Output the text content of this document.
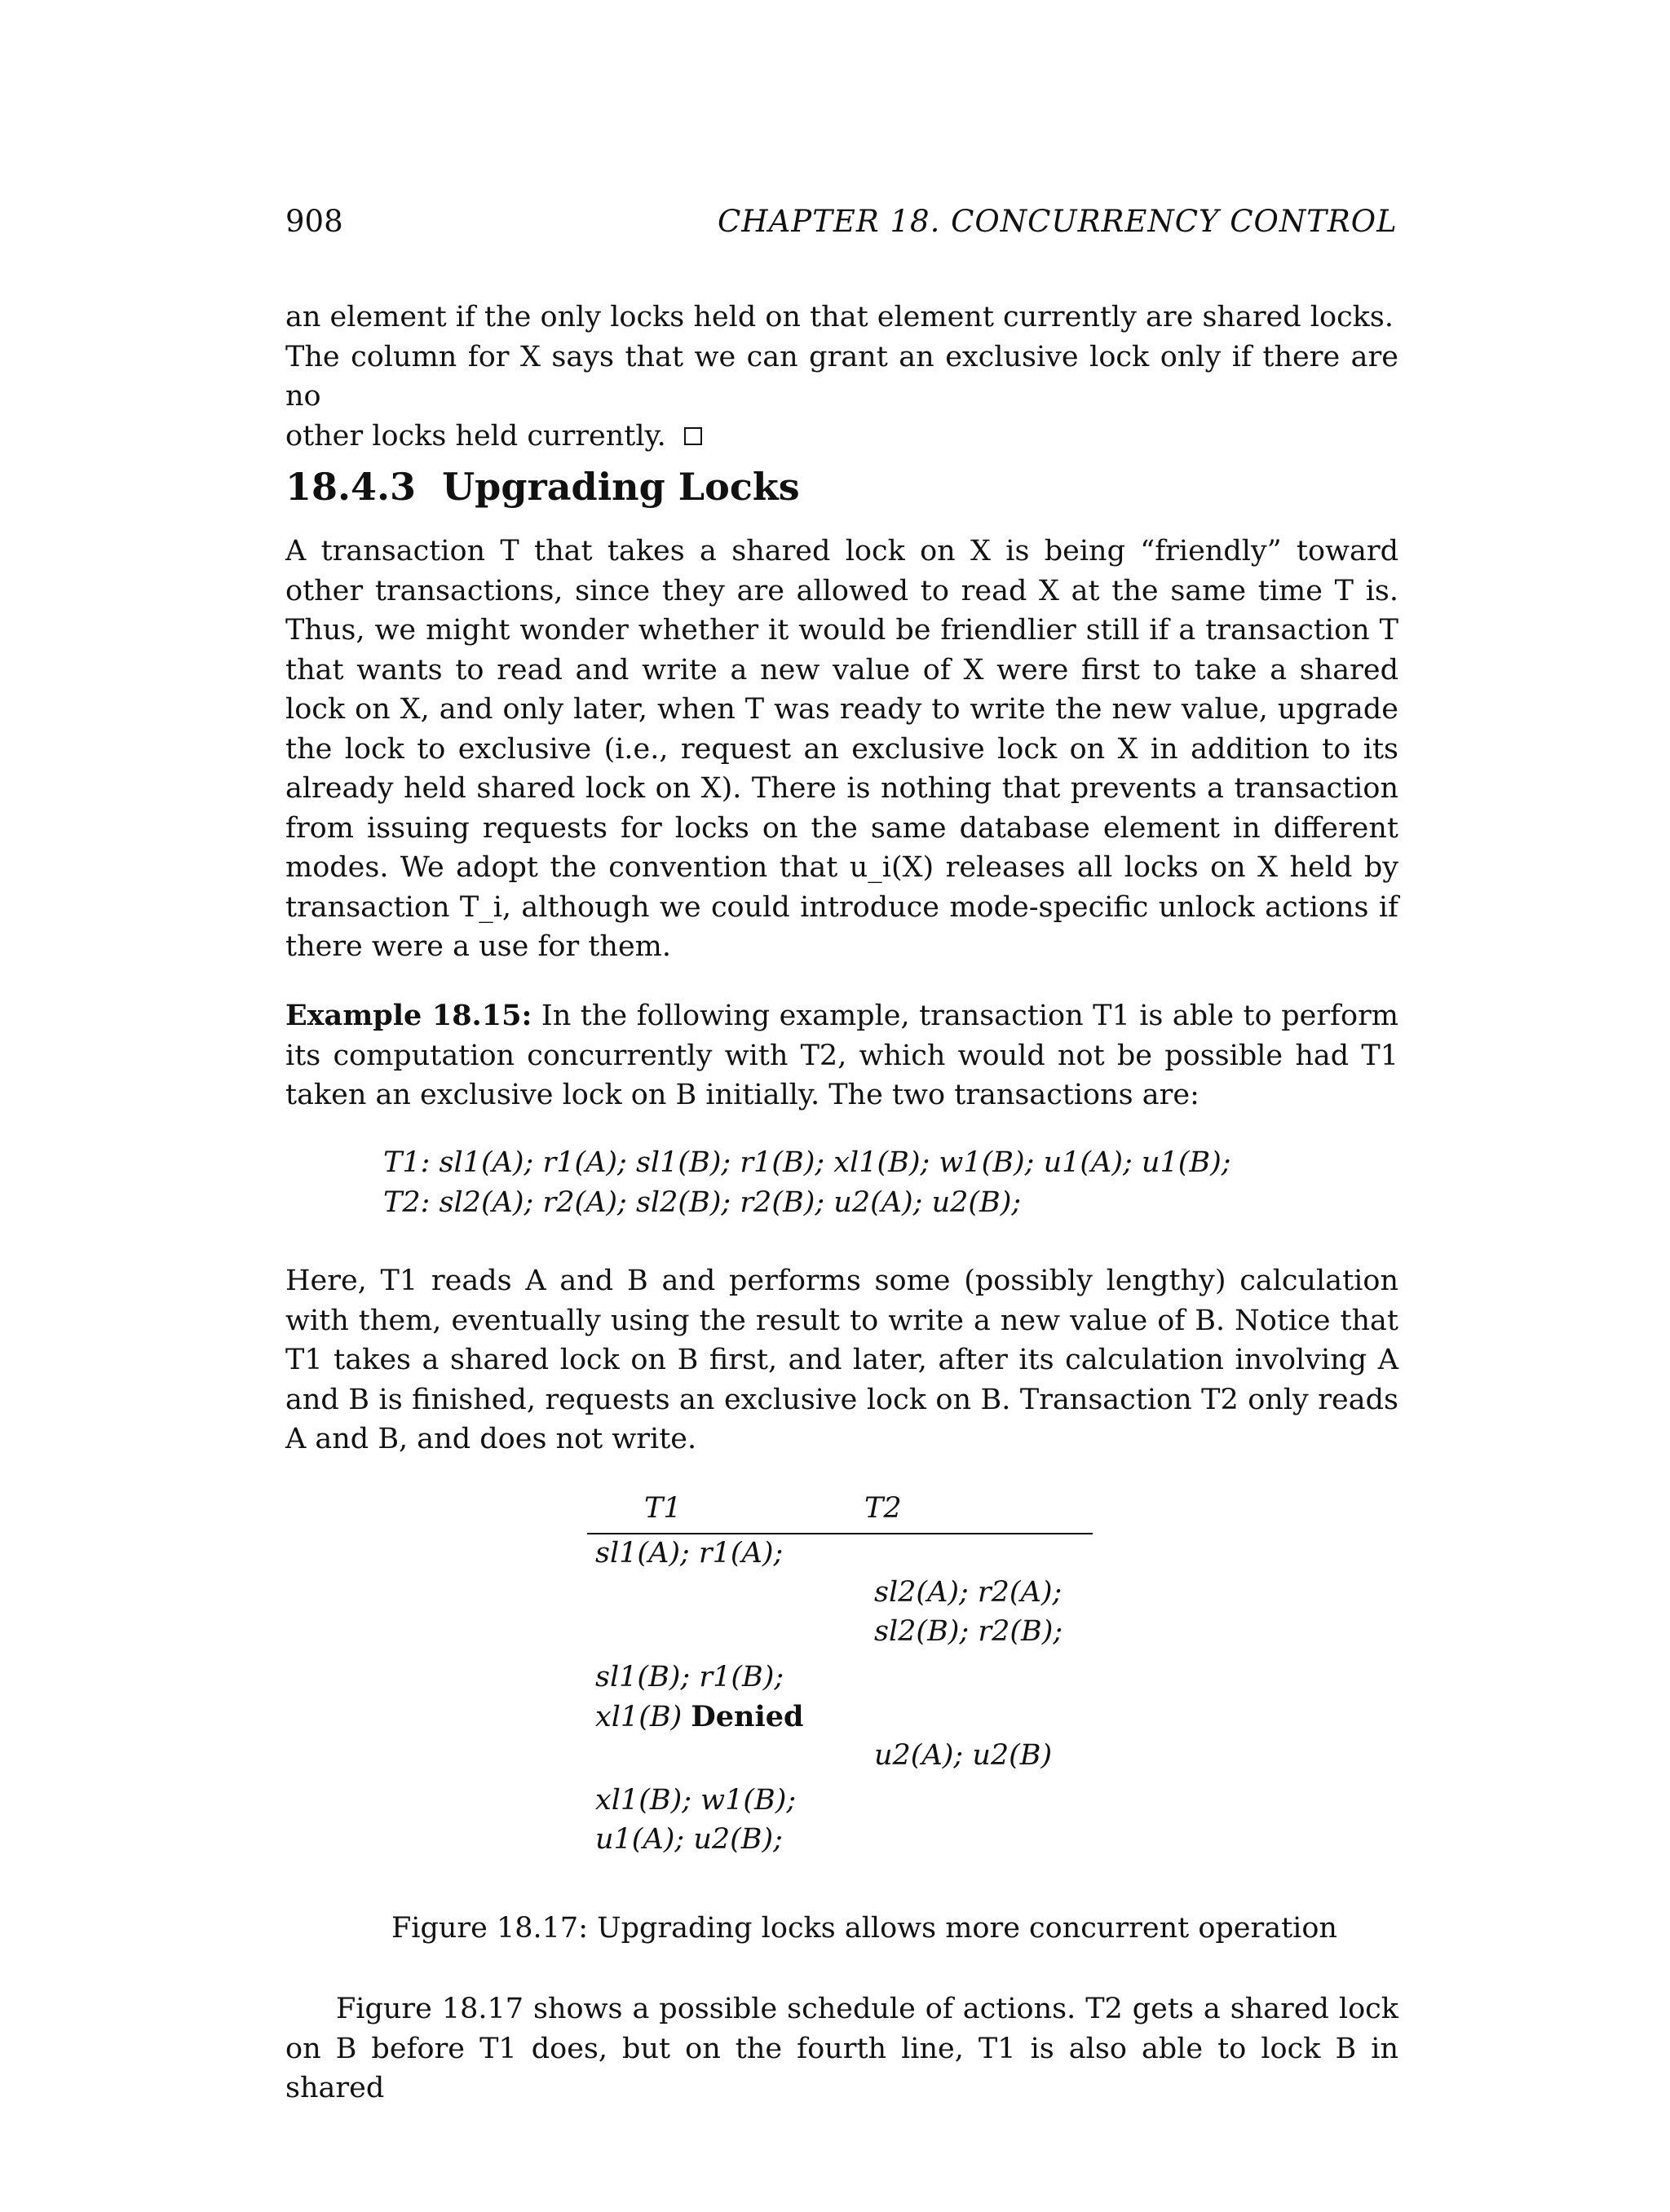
908	CHAPTER 18. CONCURRENCY CONTROL
an element if the only locks held on that element currently are shared locks.
The column for X says that we can grant an exclusive lock only if there are no
other locks held currently.
18.4.3 Upgrading Locks
A transaction T that takes a shared lock on X is being “friendly” toward other transactions, since they are allowed to read X at the same time T is. Thus, we might wonder whether it would be friendlier still if a transaction T that wants to read and write a new value of X were first to take a shared lock on X, and only later, when T was ready to write the new value, upgrade the lock to exclusive (i.e., request an exclusive lock on X in addition to its already held shared lock on X). There is nothing that prevents a transaction from issuing requests for locks on the same database element in different modes. We adopt the convention that u_i(X) releases all locks on X held by transaction T_i, although we could introduce mode-specific unlock actions if there were a use for them.
Example 18.15: In the following example, transaction T1 is able to perform its computation concurrently with T2, which would not be possible had T1 taken an exclusive lock on B initially. The two transactions are:
T1: sl1(A); r1(A); sl1(B); r1(B); xl1(B); w1(B); u1(A); u1(B);
T2: sl2(A); r2(A); sl2(B); r2(B); u2(A); u2(B);
Here, T1 reads A and B and performs some (possibly lengthy) calculation with them, eventually using the result to write a new value of B. Notice that T1 takes a shared lock on B first, and later, after its calculation involving A and B is finished, requests an exclusive lock on B. Transaction T2 only reads A and B, and does not write.
T1	T2
sl1(A); r1(A);
sl2(A); r2(A);
sl2(B); r2(B);
sl1(B); r1(B);
xl1(B) Denied
u2(A); u2(B)
xl1(B); w1(B);
u1(A); u2(B);
Figure 18.17: Upgrading locks allows more concurrent operation
Figure 18.17 shows a possible schedule of actions. T2 gets a shared lock on B before T1 does, but on the fourth line, T1 is also able to lock B in shared
